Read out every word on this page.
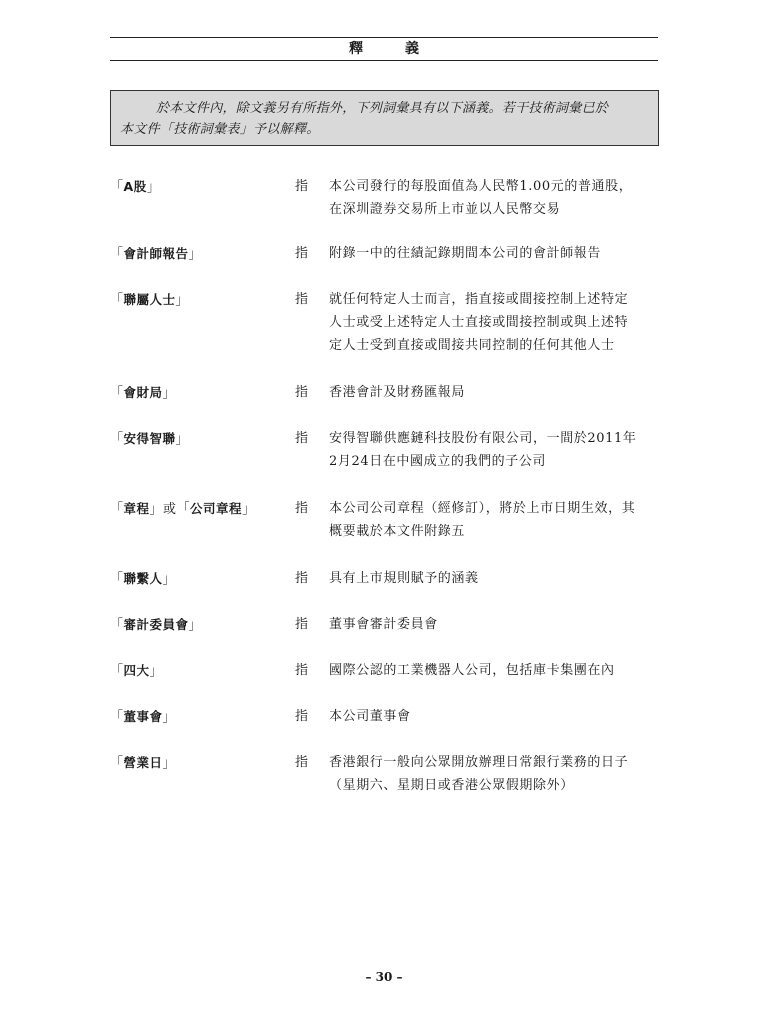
釋　義
於本文件內，除文義另有所指外，下列詞彙具有以下涵義。若干技術詞彙已於
本文件「技術詞彙表」予以解釋。
「A股」	指 本公司發行的每股面值為人民幣1.00元的普通股，
在深圳證券交易所上市並以人民幣交易
「會計師報告」	指 附錄一中的往績記錄期間本公司的會計師報告
「聯屬人士」	指 就任何特定人士而言，指直接或間接控制上述特定
人士或受上述特定人士直接或間接控制或與上述特
定人士受到直接或間接共同控制的任何其他人士
「會財局」	指 香港會計及財務匯報局
「安得智聯」	指 安得智聯供應鏈科技股份有限公司，一間於2011年
2月24日在中國成立的我們的子公司
「章程」或「公司章程」	指 本公司公司章程（經修訂），將於上市日期生效，其
概要載於本文件附錄五
「聯繫人」	指 具有上市規則賦予的涵義
「審計委員會」	指 董事會審計委員會
「四大」	指 國際公認的工業機器人公司，包括庫卡集團在內
「董事會」	指 本公司董事會
「營業日」	指 香港銀行一般向公眾開放辦理日常銀行業務的日子
（星期六、星期日或香港公眾假期除外）
– 30 –
